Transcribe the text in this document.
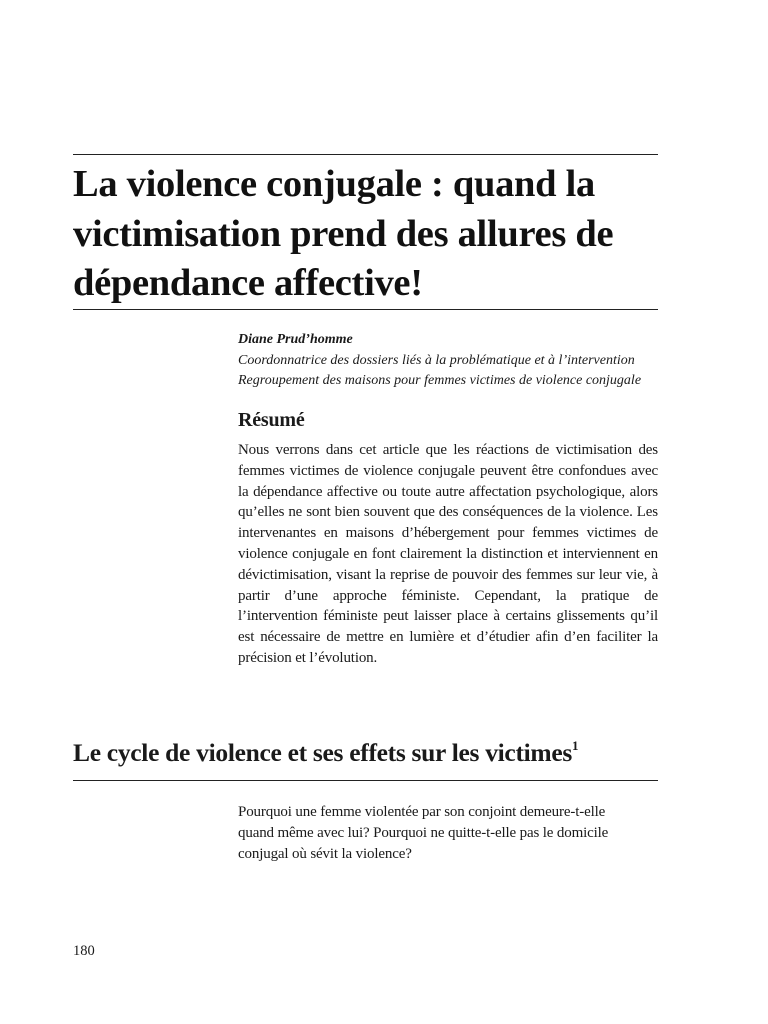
La violence conjugale : quand la
victimisation prend des allures de
dépendance affective!
Diane Prud’homme
Coordonnatrice des dossiers liés à la problématique et à l’intervention
Regroupement des maisons pour femmes victimes de violence conjugale
Résumé

Nous verrons dans cet article que les réactions de victimisation des femmes victimes de violence conjugale peuvent être confondues avec la dépendance affective ou toute autre affectation psychologique, alors qu’elles ne sont bien souvent que des conséquences de la violence. Les intervenantes en maisons d’hébergement pour femmes victimes de violence conjugale en font clairement la distinction et interviennent en dévictimisation, visant la reprise de pouvoir des femmes sur leur vie, à partir d’une approche féministe. Cependant, la pratique de l’intervention féministe peut laisser place à certains glissements qu’il est nécessaire de mettre en lumière et d’étudier afin d’en faciliter la précision et l’évolution.

Le cycle de violence et ses effets sur les victimes$^1$

Pourquoi une femme violentée par son conjoint demeure-t-elle
quand même avec lui? Pourquoi ne quitte-t-elle pas le domicile
conjugal où sévit la violence?

180
